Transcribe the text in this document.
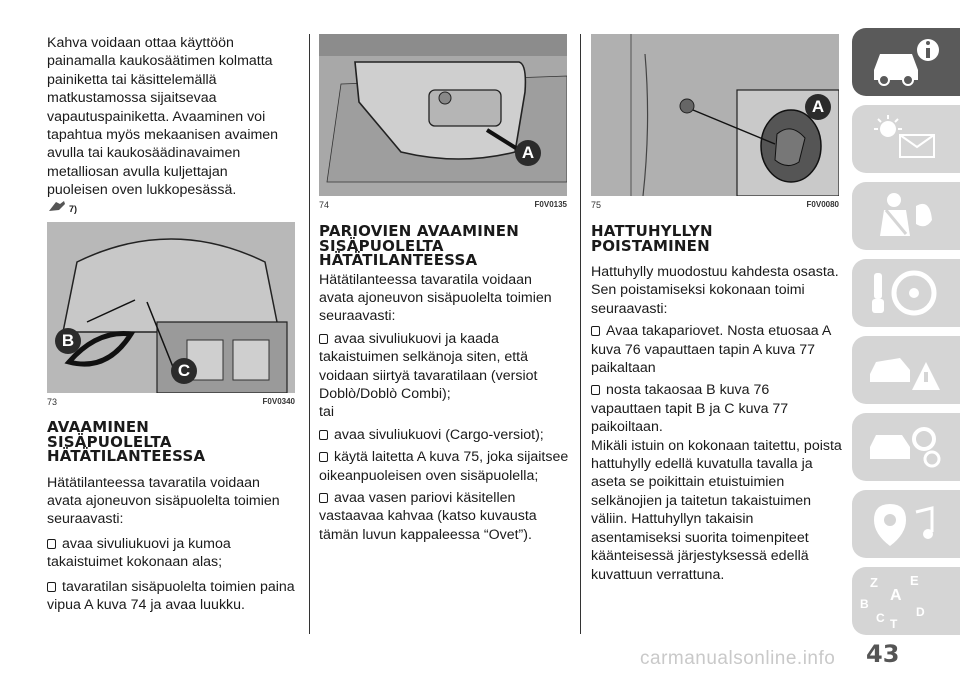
Kahva voidaan ottaa käyttöön painamalla kaukosäätimen kolmatta painiketta tai käsittelemällä matkustamossa sijaitsevaa vapautuspainiketta. Avaaminen voi tapahtua myös mekaanisen avaimen avulla tai kaukosäädinavaimen metalliosan avulla kuljettajan puoleisen oven lukkopesässä.

7)
B
C
73	F0V0340
AVAAMINEN SISÄPUOLELTA HÄTÄTILANTEESSA

Hätätilanteessa tavaratila voidaan avata ajoneuvon sisäpuolelta toimien seuraavasti:

avaa sivuliukuovi ja kumoa takaistuimet kokonaan alas;

tavaratilan sisäpuolelta toimien paina vipua A kuva 74 ja avaa luukku.

A
74	F0V0135
PARIOVIEN AVAAMINEN SISÄPUOLELTA HÄTÄTILANTEESSA

Hätätilanteessa tavaratila voidaan avata ajoneuvon sisäpuolelta toimien seuraavasti:

avaa sivuliukuovi ja kaada takaistuimen selkänoja siten, että voidaan siirtyä tavaratilaan (versiot Doblò/Doblò Combi);

tai

avaa sivuliukuovi (Cargo-versiot);

käytä laitetta A kuva 75, joka sijaitsee oikeanpuoleisen oven sisäpuolella;

avaa vasen pariovi käsitellen vastaavaa kahvaa (katso kuvausta tämän luvun kappaleessa “Ovet”).

A
75	F0V0080
HATTUHYLLYN POISTAMINEN

Hattuhylly muodostuu kahdesta osasta. Sen poistamiseksi kokonaan toimi seuraavasti:

Avaa takapariovet. Nosta etuosaa A kuva 76 vapauttaen tapin A kuva 77 paikaltaan

nosta takaosaa B kuva 76 vapauttaen tapit B ja C kuva 77 paikoiltaan.

Mikäli istuin on kokonaan taitettu, poista hattuhylly edellä kuvatulla tavalla ja aseta se poikittain etuistuimien selkänojien ja taitetun takaistuimen väliin. Hattuhyllyn takaisin asentamiseksi suorita toimenpiteet käänteisessä järjestyksessä edellä kuvattuun verrattuna.	Z E
A
B
C T
D
43
carmanualsonline.info
